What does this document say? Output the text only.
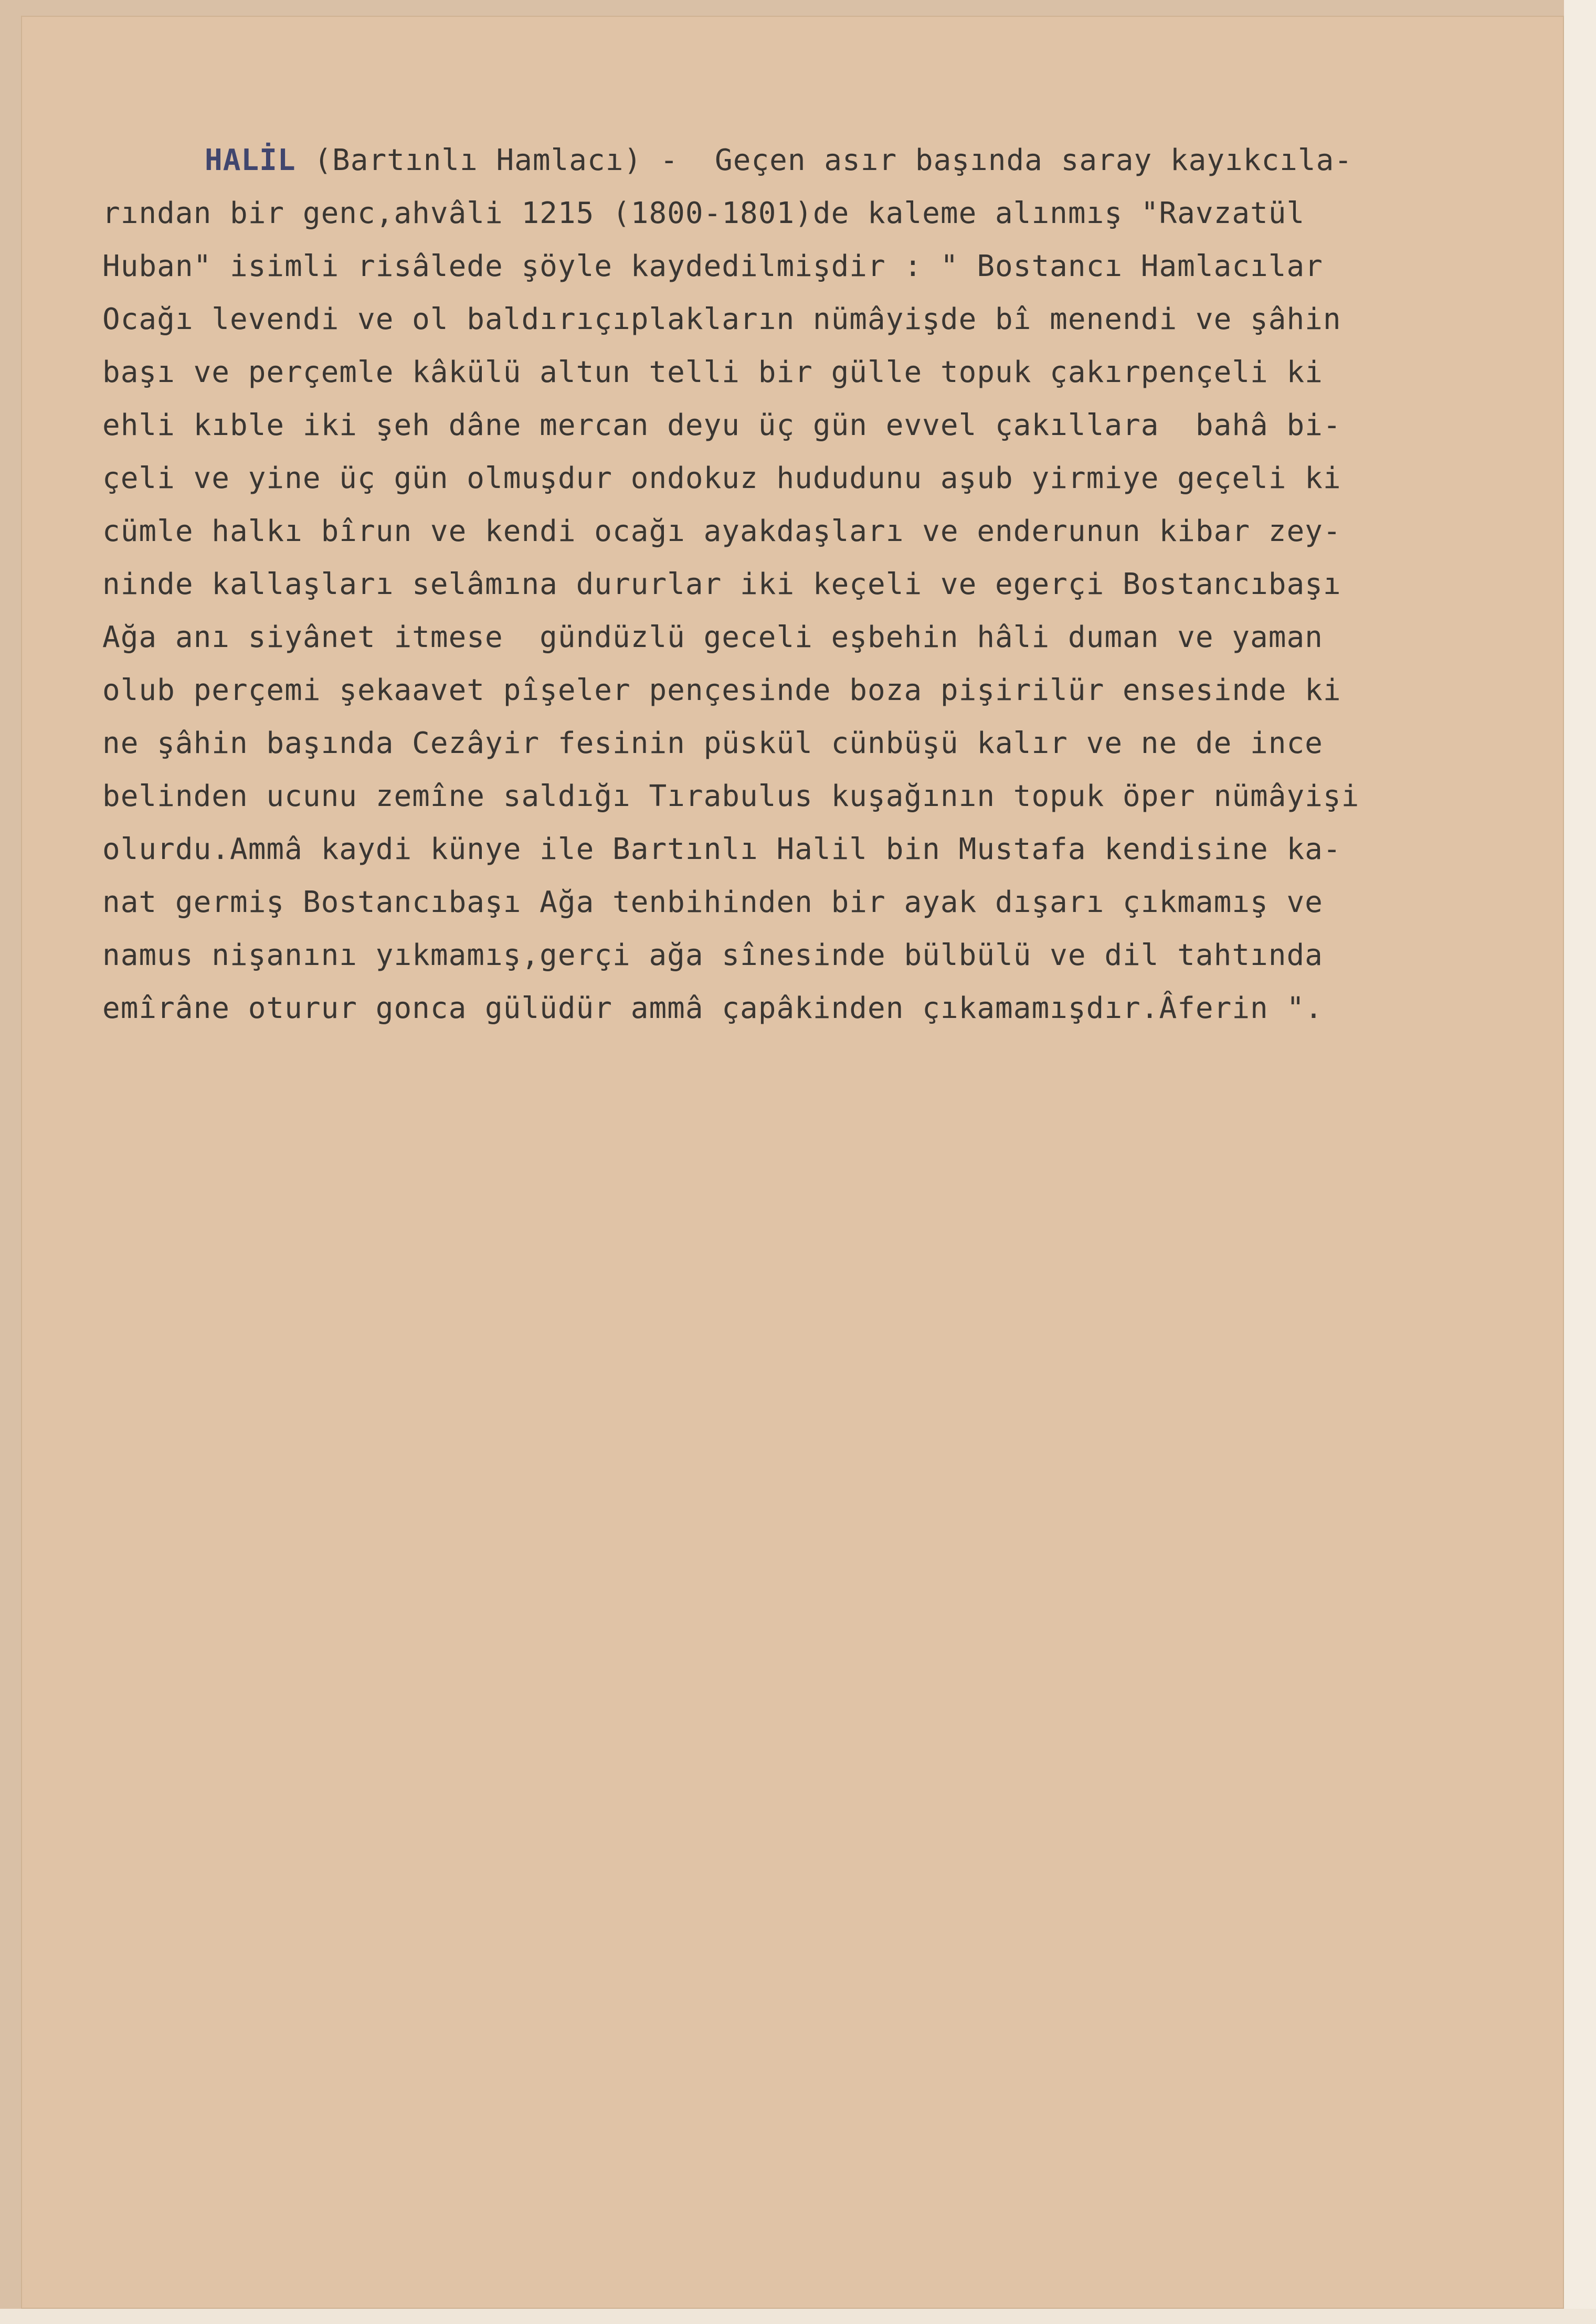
HALİL (Bartınlı Hamlacı) -  Geçen asır başında saray kayıkcıla-
rından bir genc,ahvâli 1215 (1800-1801)de kaleme alınmış "Ravzatül
Huban" isimli risâlede şöyle kaydedilmişdir : " Bostancı Hamlacılar
Ocağı levendi ve ol baldırıçıplakların nümâyişde bî menendi ve şâhin
başı ve perçemle kâkülü altun telli bir gülle topuk çakırpençeli ki
ehli kıble iki şeh dâne mercan deyu üç gün evvel çakıllara  bahâ bi-
çeli ve yine üç gün olmuşdur ondokuz hududunu aşub yirmiye geçeli ki
cümle halkı bîrun ve kendi ocağı ayakdaşları ve enderunun kibar zey-
ninde kallaşları selâmına dururlar iki keçeli ve egerçi Bostancıbaşı
Ağa anı siyânet itmese  gündüzlü geceli eşbehin hâli duman ve yaman
olub perçemi şekaavet pîşeler pençesinde boza pişirilür ensesinde ki
ne şâhin başında Cezâyir fesinin püskül cünbüşü kalır ve ne de ince
belinden ucunu zemîne saldığı Tırabulus kuşağının topuk öper nümâyişi
olurdu.Ammâ kaydi künye ile Bartınlı Halil bin Mustafa kendisine ka-
nat germiş Bostancıbaşı Ağa tenbihinden bir ayak dışarı çıkmamış ve
namus nişanını yıkmamış,gerçi ağa sînesinde bülbülü ve dil tahtında
emîrâne oturur gonca gülüdür ammâ çapâkinden çıkamamışdır.Âferin ".
